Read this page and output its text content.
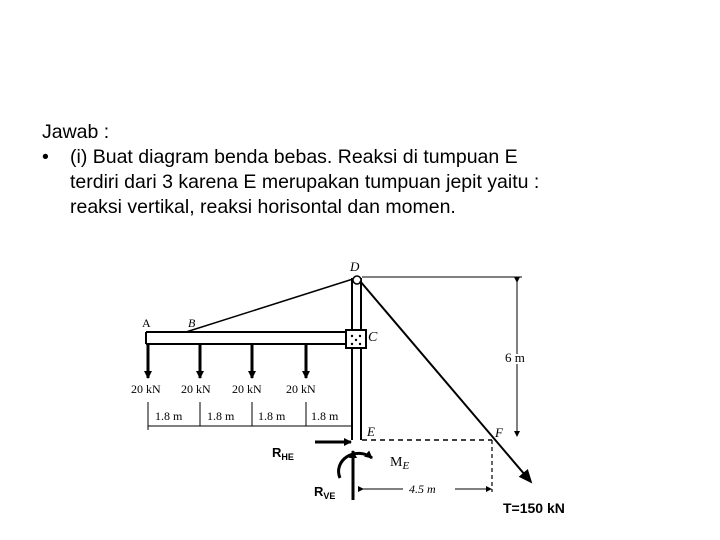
Jawab :
•	(i) Buat diagram benda bebas. Reaksi di tumpuan E
terdiri dari 3 karena E merupakan tumpuan jepit yaitu :
reaksi vertikal, reaksi horisontal dan momen.
A	B
C
D
E	F
20 kN 20 kN 20 kN 20 kN
1.8 m 1.8 m 1.8 m 1.8 m
6 m
4.5 m
$R_{HE}$
$R_{VE}$
$M_E$
T=150 kN
